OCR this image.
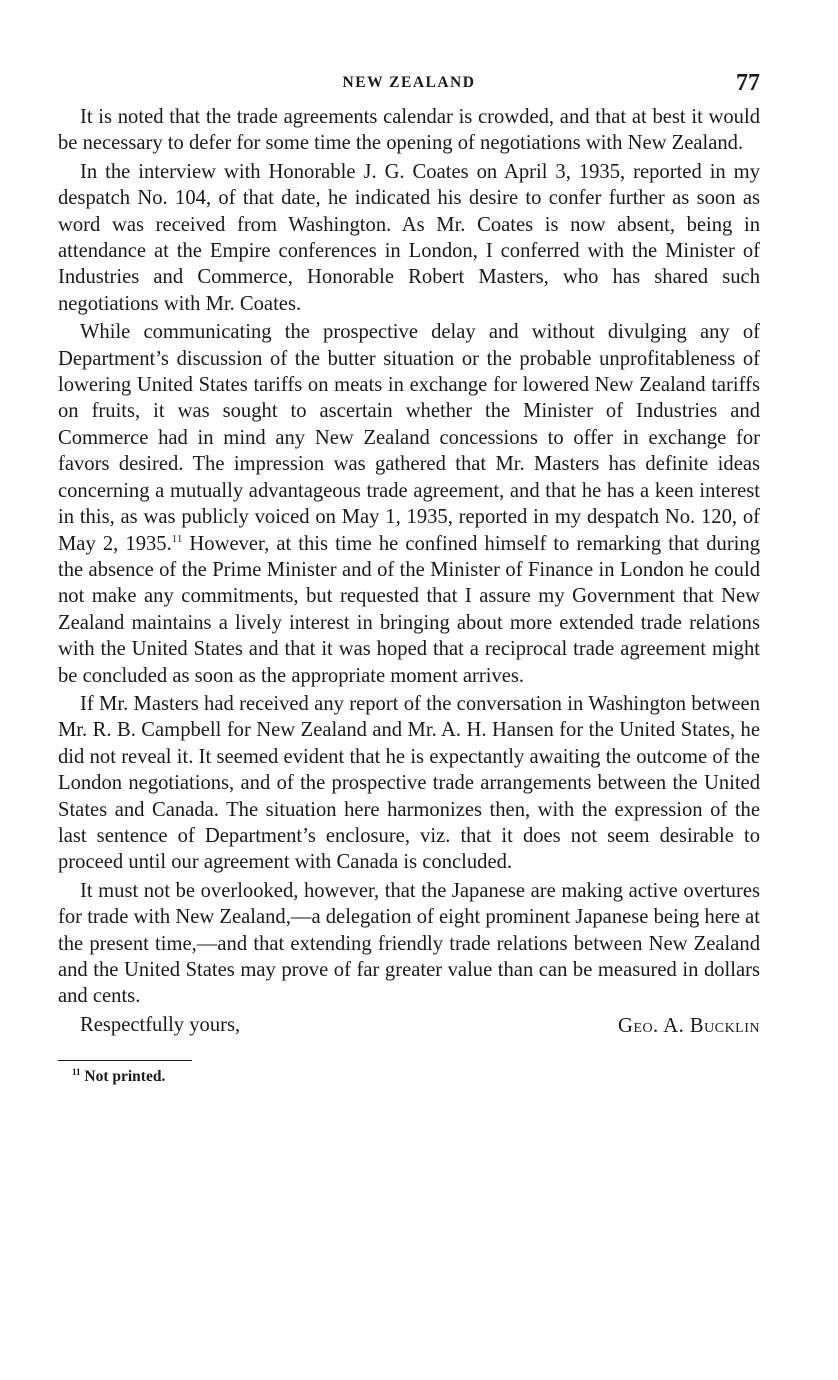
NEW ZEALAND	77

It is noted that the trade agreements calendar is crowded, and that at best it would be necessary to defer for some time the opening of negotiations with New Zealand.

In the interview with Honorable J. G. Coates on April 3, 1935, reported in my despatch No. 104, of that date, he indicated his desire to confer further as soon as word was received from Washington. As Mr. Coates is now absent, being in attendance at the Empire conferences in London, I conferred with the Minister of Industries and Commerce, Honorable Robert Masters, who has shared such negotiations with Mr. Coates.

While communicating the prospective delay and without divulging any of Department’s discussion of the butter situation or the probable unprofitableness of lowering United States tariffs on meats in exchange for lowered New Zealand tariffs on fruits, it was sought to ascertain whether the Minister of Industries and Commerce had in mind any New Zealand concessions to offer in exchange for favors desired. The impression was gathered that Mr. Masters has definite ideas concerning a mutually advantageous trade agreement, and that he has a keen interest in this, as was publicly voiced on May 1, 1935, reported in my despatch No. 120, of May 2, 1935.11 However, at this time he confined himself to remarking that during the absence of the Prime Minister and of the Minister of Finance in London he could not make any commitments, but requested that I assure my Government that New Zealand maintains a lively interest in bringing about more extended trade relations with the United States and that it was hoped that a reciprocal trade agreement might be concluded as soon as the appropriate moment arrives.

If Mr. Masters had received any report of the conversation in Washington between Mr. R. B. Campbell for New Zealand and Mr. A. H. Hansen for the United States, he did not reveal it. It seemed evident that he is expectantly awaiting the outcome of the London negotiations, and of the prospective trade arrangements between the United States and Canada. The situation here harmonizes then, with the expression of the last sentence of Department’s enclosure, viz. that it does not seem desirable to proceed until our agreement with Canada is concluded.

It must not be overlooked, however, that the Japanese are making active overtures for trade with New Zealand,—a delegation of eight prominent Japanese being here at the present time,—and that extending friendly trade relations between New Zealand and the United States may prove of far greater value than can be measured in dollars and cents.

Respectfully yours,	Geo. A. Bucklin
$^{11}$ Not printed.
